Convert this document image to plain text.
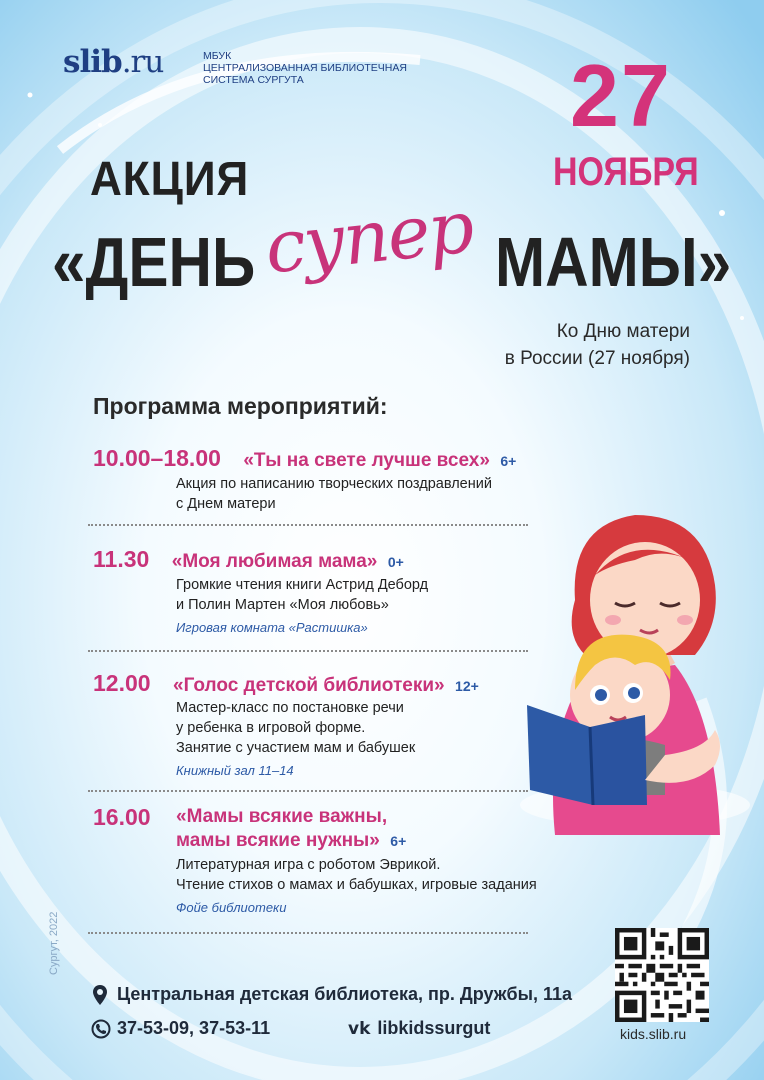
slib.ru	МБУК
ЦЕНТРАЛИЗОВАННАЯ БИБЛИОТЕЧНАЯ
СИСТЕМА СУРГУТА	27
НОЯБРЯ
АКЦИЯ
«ДЕНЬ супер МАМЫ»
Ко Дню матери
в России (27 ноября)
Программа мероприятий:
10.00–18.00 «Ты на свете лучше всех» 6+
Акция по написанию творческих поздравлений
с Днем матери
11.30 «Моя любимая мама» 0+
Громкие чтения книги Астрид Деборд
и Полин Мартен «Моя любовь»
Игровая комната «Растишка»
12.00 «Голос детской библиотеки» 12+
Мастер-класс по постановке речи
у ребенка в игровой форме.
Занятие с участием мам и бабушек
Книжный зал 11–14
16.00 «Мамы всякие важны,
мамы всякие нужны» 6+
Литературная игра с роботом Эврикой.
Чтение стихов о мамах и бабушках, игровые задания
Фойе библиотеки
kids.slib.ru
Центральная детская библиотека, пр. Дружбы, 11а
37-53-09, 37-53-11	vk libkidssurgut
Сургут, 2022
